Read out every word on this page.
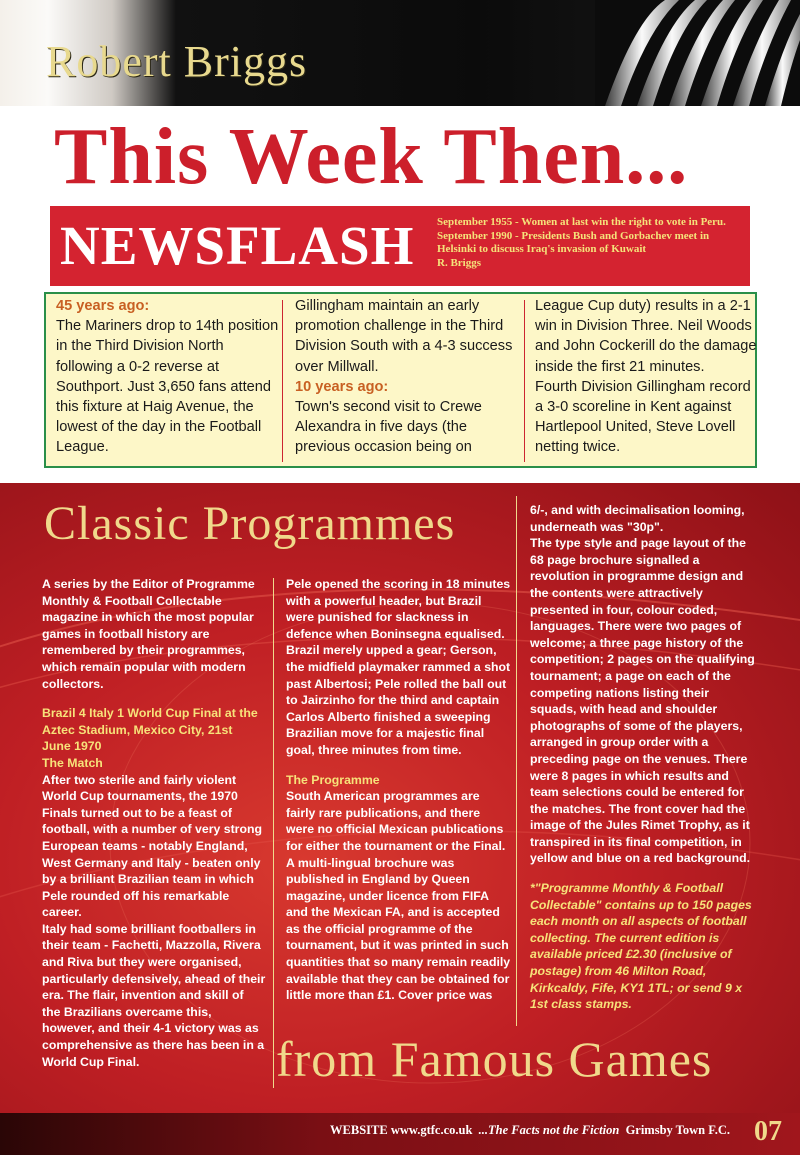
Robert Briggs
This Week Then...
NEWSFLASH September 1955 - Women at last win the right to vote in Peru.
September 1990 - Presidents Bush and Gorbachev meet in
Helsinki to discuss Iraq's invasion of Kuwait
R. Briggs
45 years ago:
The Mariners drop to 14th position
in the Third Division North
following a 0-2 reverse at
Southport. Just 3,650 fans attend
this fixture at Haig Avenue, the
lowest of the day in the Football
League.
Gillingham maintain an early
promotion challenge in the Third
Division South with a 4-3 success
over Millwall.
10 years ago:
Town's second visit to Crewe
Alexandra in five days (the
previous occasion being on
League Cup duty) results in a 2-1
win in Division Three. Neil Woods
and John Cockerill do the damage
inside the first 21 minutes.
Fourth Division Gillingham record
a 3-0 scoreline in Kent against
Hartlepool United, Steve Lovell
netting twice.
Classic Programmes
A series by the Editor of Programme
Monthly & Football Collectable
magazine in which the most popular
games in football history are
remembered by their programmes,
which remain popular with modern
collectors.
Brazil 4 Italy 1 World Cup Final at the
Aztec Stadium, Mexico City, 21st
June 1970
The Match
After two sterile and fairly violent
World Cup tournaments, the 1970
Finals turned out to be a feast of
football, with a number of very strong
European teams - notably England,
West Germany and Italy - beaten only
by a brilliant Brazilian team in which
Pele rounded off his remarkable
career.
Italy had some brilliant footballers in
their team - Fachetti, Mazzolla, Rivera
and Riva but they were organised,
particularly defensively, ahead of their
era. The flair, invention and skill of
the Brazilians overcame this,
however, and their 4-1 victory was as
comprehensive as there has been in a
World Cup Final.
Pele opened the scoring in 18 minutes
with a powerful header, but Brazil
were punished for slackness in
defence when Boninsegna equalised.
Brazil merely upped a gear; Gerson,
the midfield playmaker rammed a shot
past Albertosi; Pele rolled the ball out
to Jairzinho for the third and captain
Carlos Alberto finished a sweeping
Brazilian move for a majestic final
goal, three minutes from time.
The Programme
South American programmes are
fairly rare publications, and there
were no official Mexican publications
for either the tournament or the Final.
A multi-lingual brochure was
published in England by Queen
magazine, under licence from FIFA
and the Mexican FA, and is accepted
as the official programme of the
tournament, but it was printed in such
quantities that so many remain readily
available that they can be obtained for
little more than £1. Cover price was
6/-, and with decimalisation looming,
underneath was "30p".
The type style and page layout of the
68 page brochure signalled a
revolution in programme design and
the contents were attractively
presented in four, colour coded,
languages. There were two pages of
welcome; a three page history of the
competition; 2 pages on the qualifying
tournament; a page on each of the
competing nations listing their
squads, with head and shoulder
photographs of some of the players,
arranged in group order with a
preceding page on the venues. There
were 8 pages in which results and
team selections could be entered for
the matches. The front cover had the
image of the Jules Rimet Trophy, as it
transpired in its final competition, in
yellow and blue on a red background.
*"Programme Monthly & Football
Collectable" contains up to 150 pages
each month on all aspects of football
collecting. The current edition is
available priced £2.30 (inclusive of
postage) from 46 Milton Road,
Kirkcaldy, Fife, KY1 1TL; or send 9 x
1st class stamps.
from Famous Games
WEBSITE www.gtfc.co.uk ...The Facts not the Fiction Grimsby Town F.C. 07
